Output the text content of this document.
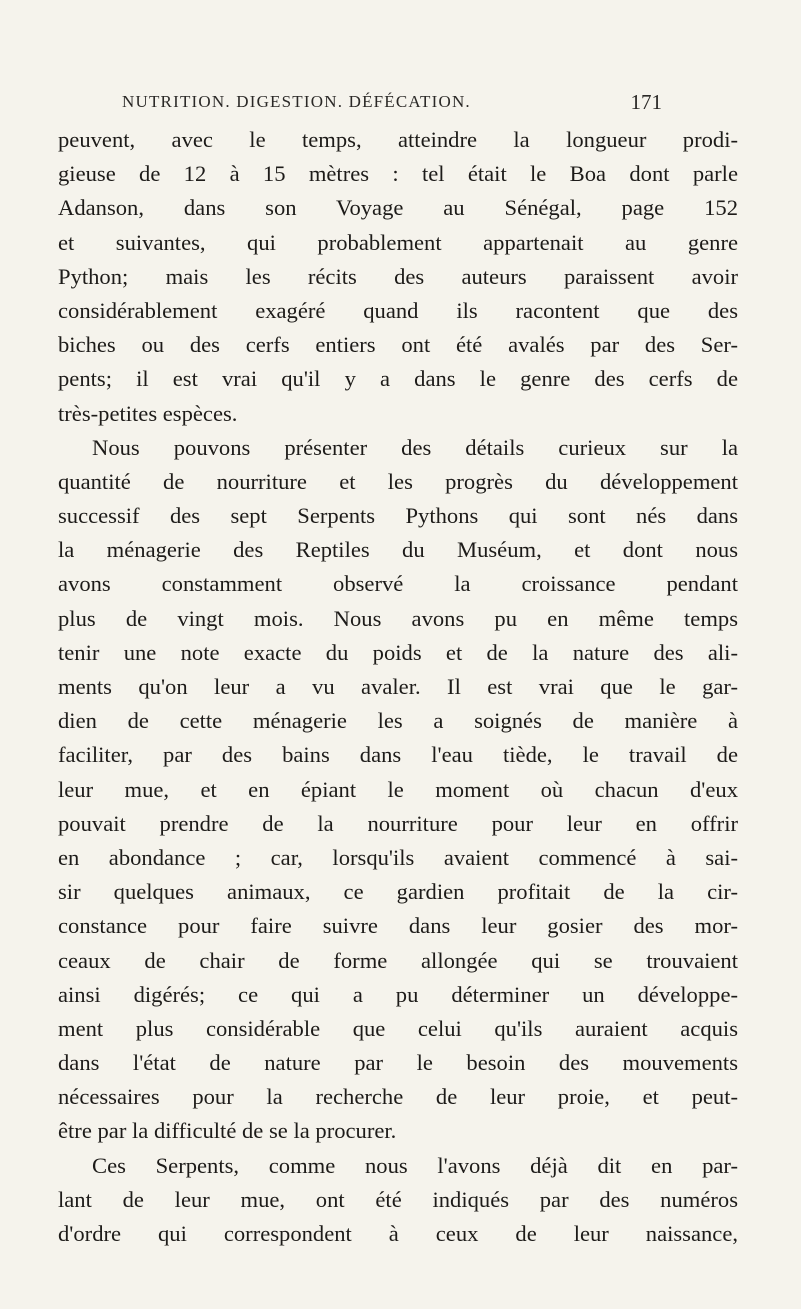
NUTRITION. DIGESTION. DÉFÉCATION.	171
peuvent, avec le temps, atteindre la longueur prodi-
gieuse de 12 à 15 mètres : tel était le Boa dont parle
Adanson, dans son Voyage au Sénégal, page 152
et suivantes, qui probablement appartenait au genre
Python; mais les récits des auteurs paraissent avoir
considérablement exagéré quand ils racontent que des
biches ou des cerfs entiers ont été avalés par des Ser-
pents; il est vrai qu'il y a dans le genre des cerfs de
très-petites espèces.
Nous pouvons présenter des détails curieux sur la
quantité de nourriture et les progrès du développement
successif des sept Serpents Pythons qui sont nés dans
la ménagerie des Reptiles du Muséum, et dont nous
avons constamment observé la croissance pendant
plus de vingt mois. Nous avons pu en même temps
tenir une note exacte du poids et de la nature des ali-
ments qu'on leur a vu avaler. Il est vrai que le gar-
dien de cette ménagerie les a soignés de manière à
faciliter, par des bains dans l'eau tiède, le travail de
leur mue, et en épiant le moment où chacun d'eux
pouvait prendre de la nourriture pour leur en offrir
en abondance ; car, lorsqu'ils avaient commencé à sai-
sir quelques animaux, ce gardien profitait de la cir-
constance pour faire suivre dans leur gosier des mor-
ceaux de chair de forme allongée qui se trouvaient
ainsi digérés; ce qui a pu déterminer un développe-
ment plus considérable que celui qu'ils auraient acquis
dans l'état de nature par le besoin des mouvements
nécessaires pour la recherche de leur proie, et peut-
être par la difficulté de se la procurer.
Ces Serpents, comme nous l'avons déjà dit en par-
lant de leur mue, ont été indiqués par des numéros
d'ordre qui correspondent à ceux de leur naissance,
